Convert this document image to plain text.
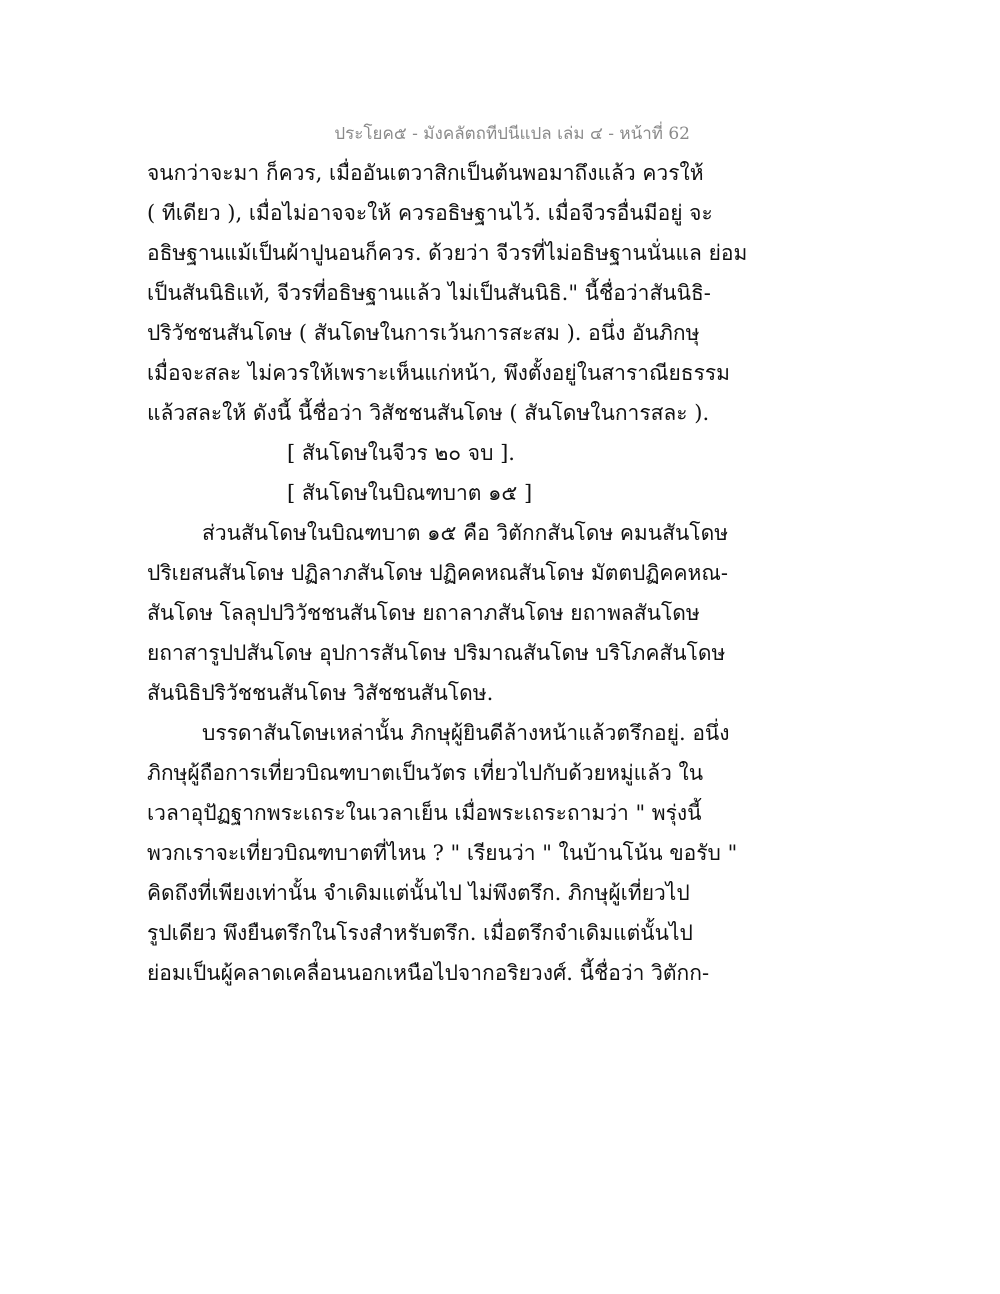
ประโยค๕ - มังคลัตถทีปนีแปล เล่ม ๔ - หน้าที่ 62
จนกว่าจะมา ก็ควร, เมื่ออันเตวาสิกเป็นต้นพอมาถึงแล้ว ควรให้
( ทีเดียว ), เมื่อไม่อาจจะให้ ควรอธิษฐานไว้. เมื่อจีวรอื่นมีอยู่ จะ
อธิษฐานแม้เป็นผ้าปูนอนก็ควร. ด้วยว่า จีวรที่ไม่อธิษฐานนั่นแล ย่อม
เป็นสันนิธิแท้, จีวรที่อธิษฐานแล้ว ไม่เป็นสันนิธิ." นี้ชื่อว่าสันนิธิ-
ปริวัชชนสันโดษ ( สันโดษในการเว้นการสะสม ). อนึ่ง อันภิกษุ
เมื่อจะสละ ไม่ควรให้เพราะเห็นแก่หน้า, พึงตั้งอยู่ในสาราณียธรรม
แล้วสละให้ ดังนี้ นี้ชื่อว่า วิสัชชนสันโดษ ( สันโดษในการสละ ).
[ สันโดษในจีวร ๒๐ จบ ].
[ สันโดษในบิณฑบาต ๑๕ ]
ส่วนสันโดษในบิณฑบาต ๑๕ คือ วิตักกสันโดษ คมนสันโดษ
ปริเยสนสันโดษ ปฏิลาภสันโดษ ปฏิคคหณสันโดษ มัตตปฏิคคหณ-
สันโดษ โลลุปปวิวัชชนสันโดษ ยถาลาภสันโดษ ยถาพลสันโดษ
ยถาสารูปปสันโดษ อุปการสันโดษ ปริมาณสันโดษ บริโภคสันโดษ
สันนิธิปริวัชชนสันโดษ วิสัชชนสันโดษ.
บรรดาสันโดษเหล่านั้น ภิกษุผู้ยินดีล้างหน้าแล้วตรึกอยู่. อนึ่ง
ภิกษุผู้ถือการเที่ยวบิณฑบาตเป็นวัตร เที่ยวไปกับด้วยหมู่แล้ว ใน
เวลาอุปัฏฐากพระเถระในเวลาเย็น เมื่อพระเถระถามว่า " พรุ่งนี้
พวกเราจะเที่ยวบิณฑบาตที่ไหน ? " เรียนว่า " ในบ้านโน้น ขอรับ "
คิดถึงที่เพียงเท่านั้น จำเดิมแต่นั้นไป ไม่พึงตรึก. ภิกษุผู้เที่ยวไป
รูปเดียว พึงยืนตรึกในโรงสำหรับตรึก. เมื่อตรึกจำเดิมแต่นั้นไป
ย่อมเป็นผู้คลาดเคลื่อนนอกเหนือไปจากอริยวงศ์. นี้ชื่อว่า วิตักก-
